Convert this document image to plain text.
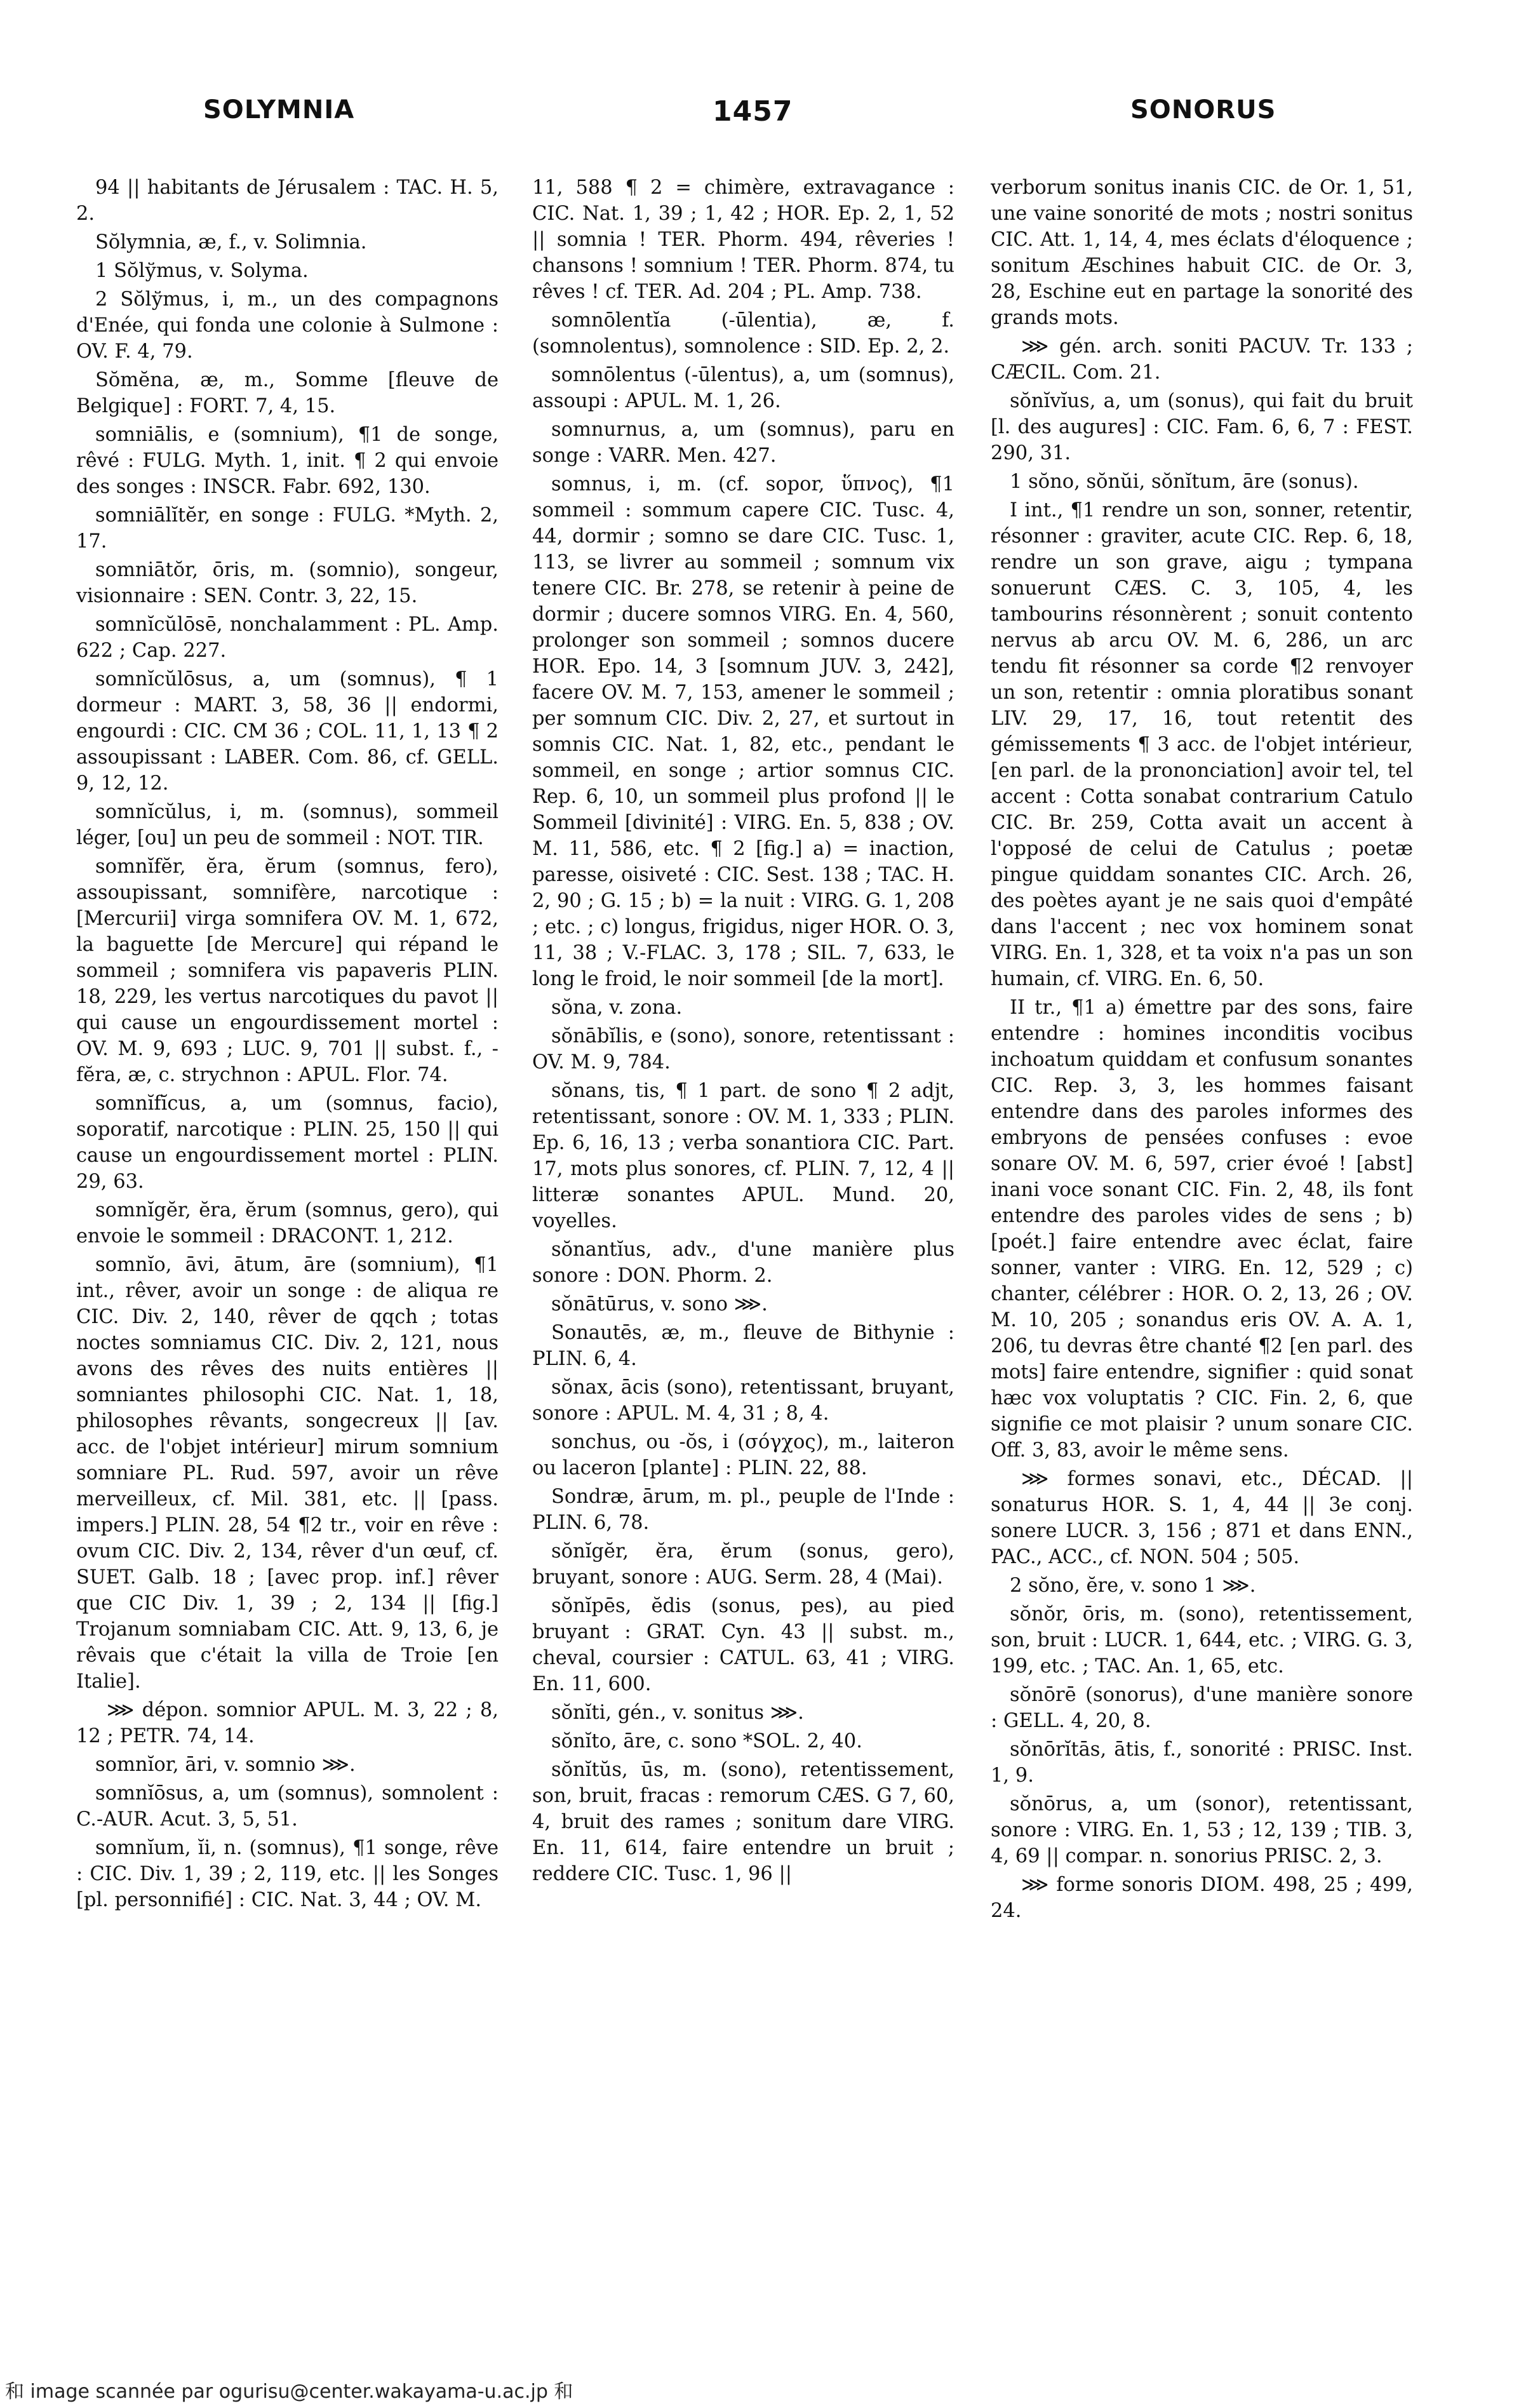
SOLYMNIA	1457	SONORUS

94 || habitants de Jérusalem : TAC. H. 5, 2.

Sŏlymnia, æ, f., v. Solimnia.

1 Sŏlўmus, v. Solyma.

2 Sŏlўmus, i, m., un des compagnons d'Enée, qui fonda une colonie à Sulmone : OV. F. 4, 79.

Sŏmĕna, æ, m., Somme [fleuve de Belgique] : FORT. 7, 4, 15.

somniālis, e (somnium), ¶1 de songe, rêvé : FULG. Myth. 1, init. ¶ 2 qui envoie des songes : INSCR. Fabr. 692, 130.

somniālĭtĕr, en songe : FULG. *Myth. 2, 17.

somniātŏr, ōris, m. (somnio), songeur, visionnaire : SEN. Contr. 3, 22, 15.

somnĭcŭlōsē, nonchalamment : PL. Amp. 622 ; Cap. 227.

somnĭcŭlōsus, a, um (somnus), ¶ 1 dormeur : MART. 3, 58, 36 || endormi, engourdi : CIC. CM 36 ; COL. 11, 1, 13 ¶ 2 assoupissant : LABER. Com. 86, cf. GELL. 9, 12, 12.

somnĭcŭlus, i, m. (somnus), sommeil léger, [ou] un peu de sommeil : NOT. TIR.

somnĭfĕr, ĕra, ĕrum (somnus, fero), assoupissant, somnifère, narcotique : [Mercurii] virga somnifera OV. M. 1, 672, la baguette [de Mercure] qui répand le sommeil ; somnifera vis papaveris PLIN. 18, 229, les vertus narcotiques du pavot || qui cause un engourdissement mortel : OV. M. 9, 693 ; LUC. 9, 701 || subst. f., -fĕra, æ, c. strychnon : APUL. Flor. 74.

somnĭfĭcus, a, um (somnus, facio), soporatif, narcotique : PLIN. 25, 150 || qui cause un engourdissement mortel : PLIN. 29, 63.

somnĭgĕr, ĕra, ĕrum (somnus, gero), qui envoie le sommeil : DRACONT. 1, 212.

somnĭo, āvi, ātum, āre (somnium), ¶1 int., rêver, avoir un songe : de aliqua re CIC. Div. 2, 140, rêver de qqch ; totas noctes somniamus CIC. Div. 2, 121, nous avons des rêves des nuits entières || somniantes philosophi CIC. Nat. 1, 18, philosophes rêvants, songecreux || [av. acc. de l'objet intérieur] mirum somnium somniare PL. Rud. 597, avoir un rêve merveilleux, cf. Mil. 381, etc. || [pass. impers.] PLIN. 28, 54 ¶2 tr., voir en rêve : ovum CIC. Div. 2, 134, rêver d'un œuf, cf. SUET. Galb. 18 ; [avec prop. inf.] rêver que CIC Div. 1, 39 ; 2, 134 || [fig.] Trojanum somniabam CIC. Att. 9, 13, 6, je rêvais que c'était la villa de Troie [en Italie].

⋙ dépon. somnior APUL. M. 3, 22 ; 8, 12 ; PETR. 74, 14.

somnĭor, āri, v. somnio ⋙.

somnĭōsus, a, um (somnus), somnolent : C.-AUR. Acut. 3, 5, 51.

somnĭum, ĭi, n. (somnus), ¶1 songe, rêve : CIC. Div. 1, 39 ; 2, 119, etc. || les Songes [pl. personnifié] : CIC. Nat. 3, 44 ; OV. M.

11, 588 ¶ 2 = chimère, extravagance : CIC. Nat. 1, 39 ; 1, 42 ; HOR. Ep. 2, 1, 52 || somnia ! TER. Phorm. 494, rêveries ! chansons ! somnium ! TER. Phorm. 874, tu rêves ! cf. TER. Ad. 204 ; PL. Amp. 738.

somnōlentĭa (-ūlentia), æ, f. (somnolentus), somnolence : SID. Ep. 2, 2.

somnōlentus (-ūlentus), a, um (somnus), assoupi : APUL. M. 1, 26.

somnurnus, a, um (somnus), paru en songe : VARR. Men. 427.

somnus, i, m. (cf. sopor, ὕπνος), ¶1 sommeil : sommum capere CIC. Tusc. 4, 44, dormir ; somno se dare CIC. Tusc. 1, 113, se livrer au sommeil ; somnum vix tenere CIC. Br. 278, se retenir à peine de dormir ; ducere somnos VIRG. En. 4, 560, prolonger son sommeil ; somnos ducere HOR. Epo. 14, 3 [somnum JUV. 3, 242], facere OV. M. 7, 153, amener le sommeil ; per somnum CIC. Div. 2, 27, et surtout in somnis CIC. Nat. 1, 82, etc., pendant le sommeil, en songe ; artior somnus CIC. Rep. 6, 10, un sommeil plus profond || le Sommeil [divinité] : VIRG. En. 5, 838 ; OV. M. 11, 586, etc. ¶ 2 [fig.] a) = inaction, paresse, oisiveté : CIC. Sest. 138 ; TAC. H. 2, 90 ; G. 15 ; b) = la nuit : VIRG. G. 1, 208 ; etc. ; c) longus, frigidus, niger HOR. O. 3, 11, 38 ; V.-FLAC. 3, 178 ; SIL. 7, 633, le long le froid, le noir sommeil [de la mort].

sŏna, v. zona.

sŏnābĭlis, e (sono), sonore, retentissant : OV. M. 9, 784.

sŏnans, tis, ¶ 1 part. de sono ¶ 2 adjt, retentissant, sonore : OV. M. 1, 333 ; PLIN. Ep. 6, 16, 13 ; verba sonantiora CIC. Part. 17, mots plus sonores, cf. PLIN. 7, 12, 4 || litteræ sonantes APUL. Mund. 20, voyelles.

sŏnantĭus, adv., d'une manière plus sonore : DON. Phorm. 2.

sŏnātūrus, v. sono ⋙.

Sonautēs, æ, m., fleuve de Bithynie : PLIN. 6, 4.

sŏnax, ācis (sono), retentissant, bruyant, sonore : APUL. M. 4, 31 ; 8, 4.

sonchus, ou -ŏs, i (σόγχος), m., laiteron ou laceron [plante] : PLIN. 22, 88.

Sondræ, ārum, m. pl., peuple de l'Inde : PLIN. 6, 78.

sŏnĭgĕr, ĕra, ĕrum (sonus, gero), bruyant, sonore : AUG. Serm. 28, 4 (Mai).

sŏnĭpēs, ĕdis (sonus, pes), au pied bruyant : GRAT. Cyn. 43 || subst. m., cheval, coursier : CATUL. 63, 41 ; VIRG. En. 11, 600.

sŏnĭti, gén., v. sonitus ⋙.

sŏnĭto, āre, c. sono *SOL. 2, 40.

sŏnĭtŭs, ūs, m. (sono), retentissement, son, bruit, fracas : remorum CÆS. G 7, 60, 4, bruit des rames ; sonitum dare VIRG. En. 11, 614, faire entendre un bruit ; reddere CIC. Tusc. 1, 96 ||

verborum sonitus inanis CIC. de Or. 1, 51, une vaine sonorité de mots ; nostri sonitus CIC. Att. 1, 14, 4, mes éclats d'éloquence ; sonitum Æschines habuit CIC. de Or. 3, 28, Eschine eut en partage la sonorité des grands mots.

⋙ gén. arch. soniti PACUV. Tr. 133 ; CÆCIL. Com. 21.

sŏnĭvĭus, a, um (sonus), qui fait du bruit [l. des augures] : CIC. Fam. 6, 6, 7 : FEST. 290, 31.

1 sŏno, sŏnŭi, sŏnĭtum, āre (sonus).

I int., ¶1 rendre un son, sonner, retentir, résonner : graviter, acute CIC. Rep. 6, 18, rendre un son grave, aigu ; tympana sonuerunt CÆS. C. 3, 105, 4, les tambourins résonnèrent ; sonuit contento nervus ab arcu OV. M. 6, 286, un arc tendu fit résonner sa corde ¶2 renvoyer un son, retentir : omnia ploratibus sonant LIV. 29, 17, 16, tout retentit des gémissements ¶ 3 acc. de l'objet intérieur, [en parl. de la prononciation] avoir tel, tel accent : Cotta sonabat contrarium Catulo CIC. Br. 259, Cotta avait un accent à l'opposé de celui de Catulus ; poetæ pingue quiddam sonantes CIC. Arch. 26, des poètes ayant je ne sais quoi d'empâté dans l'accent ; nec vox hominem sonat VIRG. En. 1, 328, et ta voix n'a pas un son humain, cf. VIRG. En. 6, 50.

II tr., ¶1 a) émettre par des sons, faire entendre : homines inconditis vocibus inchoatum quiddam et confusum sonantes CIC. Rep. 3, 3, les hommes faisant entendre dans des paroles informes des embryons de pensées confuses : evoe sonare OV. M. 6, 597, crier évoé ! [abst] inani voce sonant CIC. Fin. 2, 48, ils font entendre des paroles vides de sens ; b) [poét.] faire entendre avec éclat, faire sonner, vanter : VIRG. En. 12, 529 ; c) chanter, célébrer : HOR. O. 2, 13, 26 ; OV. M. 10, 205 ; sonandus eris OV. A. A. 1, 206, tu devras être chanté ¶2 [en parl. des mots] faire entendre, signifier : quid sonat hæc vox voluptatis ? CIC. Fin. 2, 6, que signifie ce mot plaisir ? unum sonare CIC. Off. 3, 83, avoir le même sens.

⋙ formes sonavi, etc., DÉCAD. || sonaturus HOR. S. 1, 4, 44 || 3e conj. sonere LUCR. 3, 156 ; 871 et dans ENN., PAC., ACC., cf. NON. 504 ; 505.

2 sŏno, ĕre, v. sono 1 ⋙.

sŏnŏr, ōris, m. (sono), retentissement, son, bruit : LUCR. 1, 644, etc. ; VIRG. G. 3, 199, etc. ; TAC. An. 1, 65, etc.

sŏnōrē (sonorus), d'une manière sonore : GELL. 4, 20, 8.

sŏnōrĭtās, ātis, f., sonorité : PRISC. Inst. 1, 9.

sŏnōrus, a, um (sonor), retentissant, sonore : VIRG. En. 1, 53 ; 12, 139 ; TIB. 3, 4, 69 || compar. n. sonorius PRISC. 2, 3.

⋙ forme sonoris DIOM. 498, 25 ; 499, 24.

和 image scannée par ogurisu@center.wakayama-u.ac.jp 和
